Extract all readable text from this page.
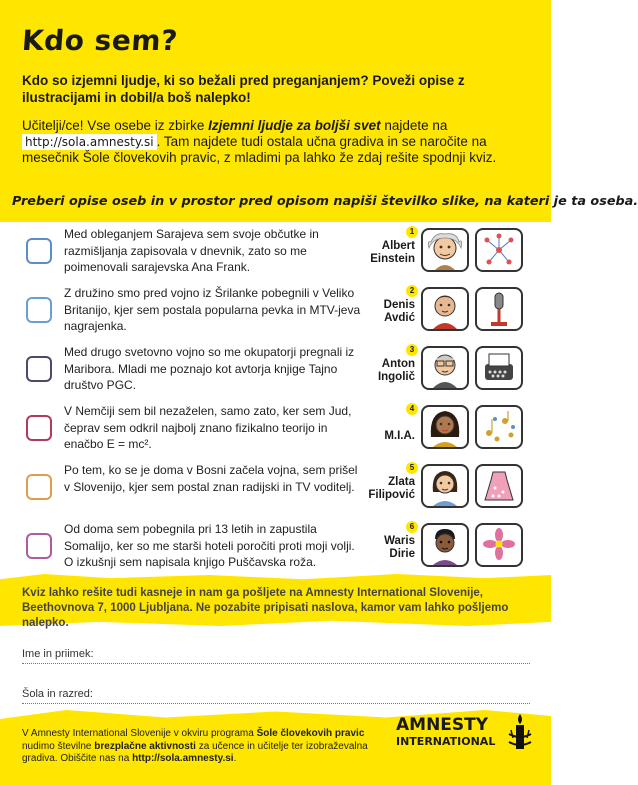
Kdo sem?
Kdo so izjemni ljudje, ki so bežali pred preganjanjem? Poveži opise z ilustracijami in dobil/a boš nalepko!
Učitelji/ce! Vse osebe iz zbirke Izjemni ljudje za boljši svet najdete na
http://sola.amnesty.si . Tam najdete tudi ostala učna gradiva in se naročite na mesečnik Šole človekovih pravic, z mladimi pa lahko že zdaj rešite spodnji kviz.
Preberi opise oseb in v prostor pred opisom napiši številko slike, na kateri je ta oseba.
Med obleganjem Sarajeva sem svoje občutke in razmišljanja zapisovala v dnevnik, zato so me poimenovali sarajevska Ana Frank.
1
Albert
Einstein
Z družino smo pred vojno iz Šrilanke pobegnili v Veliko Britanijo, kjer sem postala popularna pevka in MTV-jeva nagrajenka.
2
Denis
Avdić
Med drugo svetovno vojno so me okupatorji pregnali iz Maribora. Mladi me poznajo kot avtorja knjige Tajno društvo PGC.
3
Anton
Ingolič
V Nemčiji sem bil nezaželen, samo zato, ker sem Jud, čeprav sem odkril najbolj znano fizikalno teorijo in enačbo E = mc².
4

M.I.A.
Po tem, ko se je doma v Bosni začela vojna, sem prišel v Slovenijo, kjer sem postal znan radijski in TV voditelj.
5
Zlata
Filipović
Od doma sem pobegnila pri 13 letih in zapustila Somalijo, ker so me starši hoteli poročiti proti moji volji. O izkušnji sem napisala knjigo Puščavska roža.
6
Waris
Dirie
Kviz lahko rešite tudi kasneje in nam ga pošljete na Amnesty International Slovenije, Beethovnova 7, 1000 Ljubljana. Ne pozabite pripisati naslova, kamor vam lahko pošljemo nalepko.
Ime in priimek:
Šola in razred:
V Amnesty International Slovenije v okviru programa Šole človekovih pravic nudimo številne brezplačne aktivnosti za učence in učitelje ter izobraževalna gradiva. Obiščite nas na http://sola.amnesty.si.
AMNESTY
INTERNATIONAL
